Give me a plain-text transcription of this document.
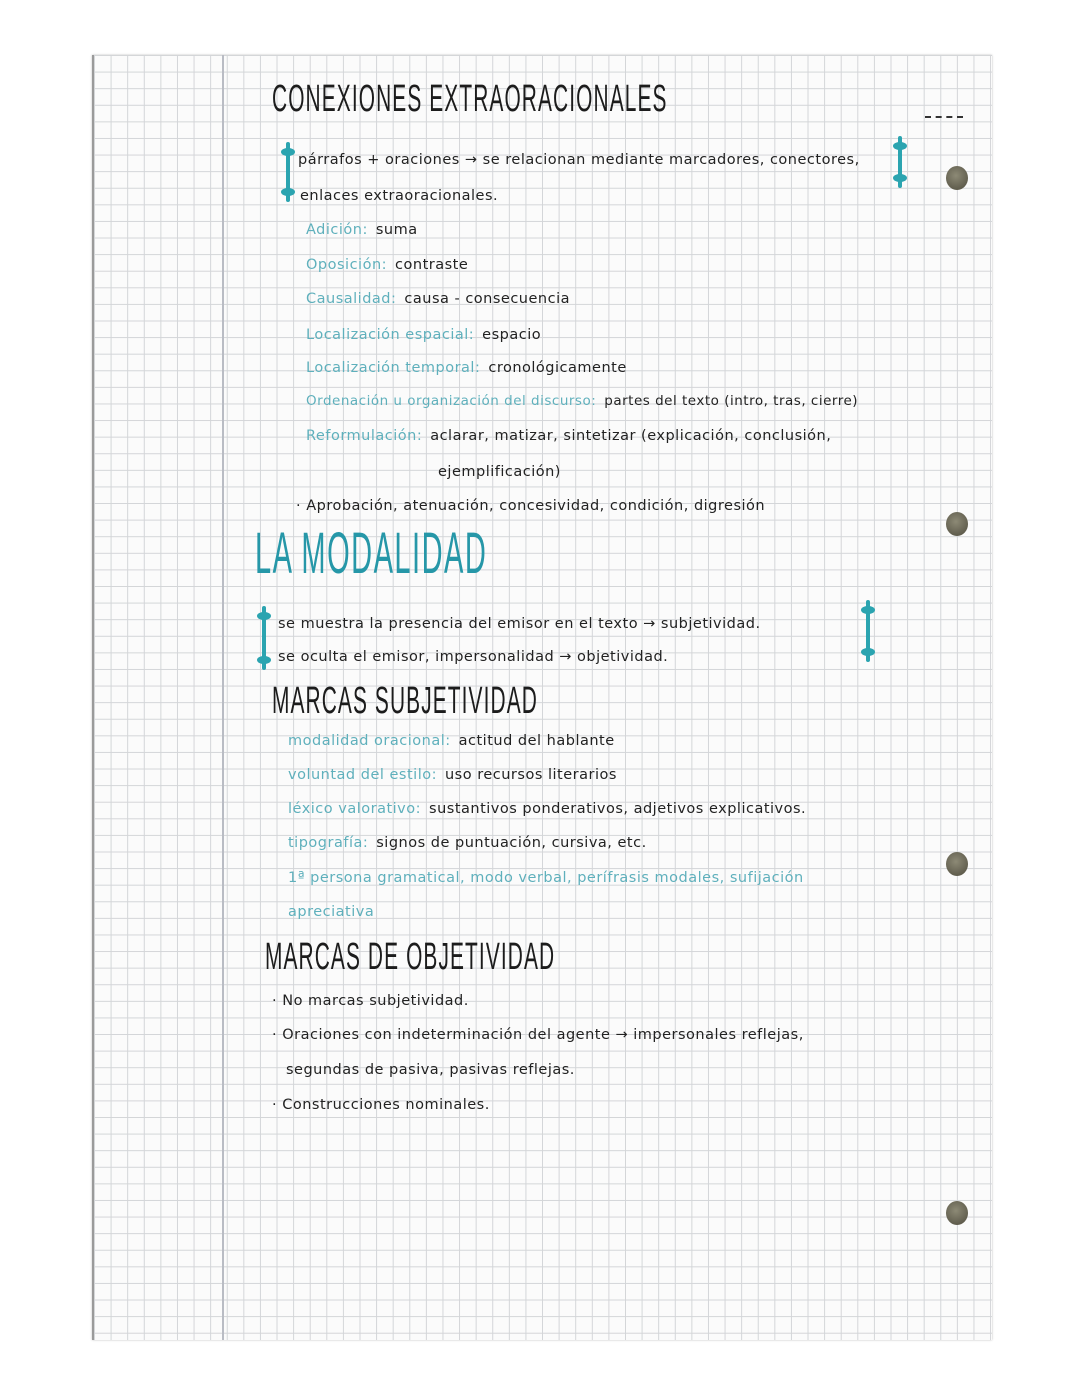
CONEXIONES EXTRAORACIONALES
párrafos + oraciones → se relacionan mediante marcadores, conectores,
enlaces extraoracionales.
Adición: suma
Oposición: contraste
Causalidad: causa - consecuencia
Localización espacial: espacio
Localización temporal: cronológicamente
Ordenación u organización del discurso: partes del texto (intro, tras, cierre)
Reformulación: aclarar, matizar, sintetizar (explicación, conclusión,
ejemplificación)
· Aprobación, atenuación, concesividad, condición, digresión
LA MODALIDAD
se muestra la presencia del emisor en el texto → subjetividad.
se oculta el emisor, impersonalidad → objetividad.
MARCAS SUBJETIVIDAD
modalidad oracional: actitud del hablante
voluntad del estilo: uso recursos literarios
léxico valorativo: sustantivos ponderativos, adjetivos explicativos.
tipografía: signos de puntuación, cursiva, etc.
1ª persona gramatical, modo verbal, perífrasis modales, sufijación
apreciativa
MARCAS DE OBJETIVIDAD
· No marcas subjetividad.
· Oraciones con indeterminación del agente → impersonales reflejas,
segundas de pasiva, pasivas reflejas.
· Construcciones nominales.
